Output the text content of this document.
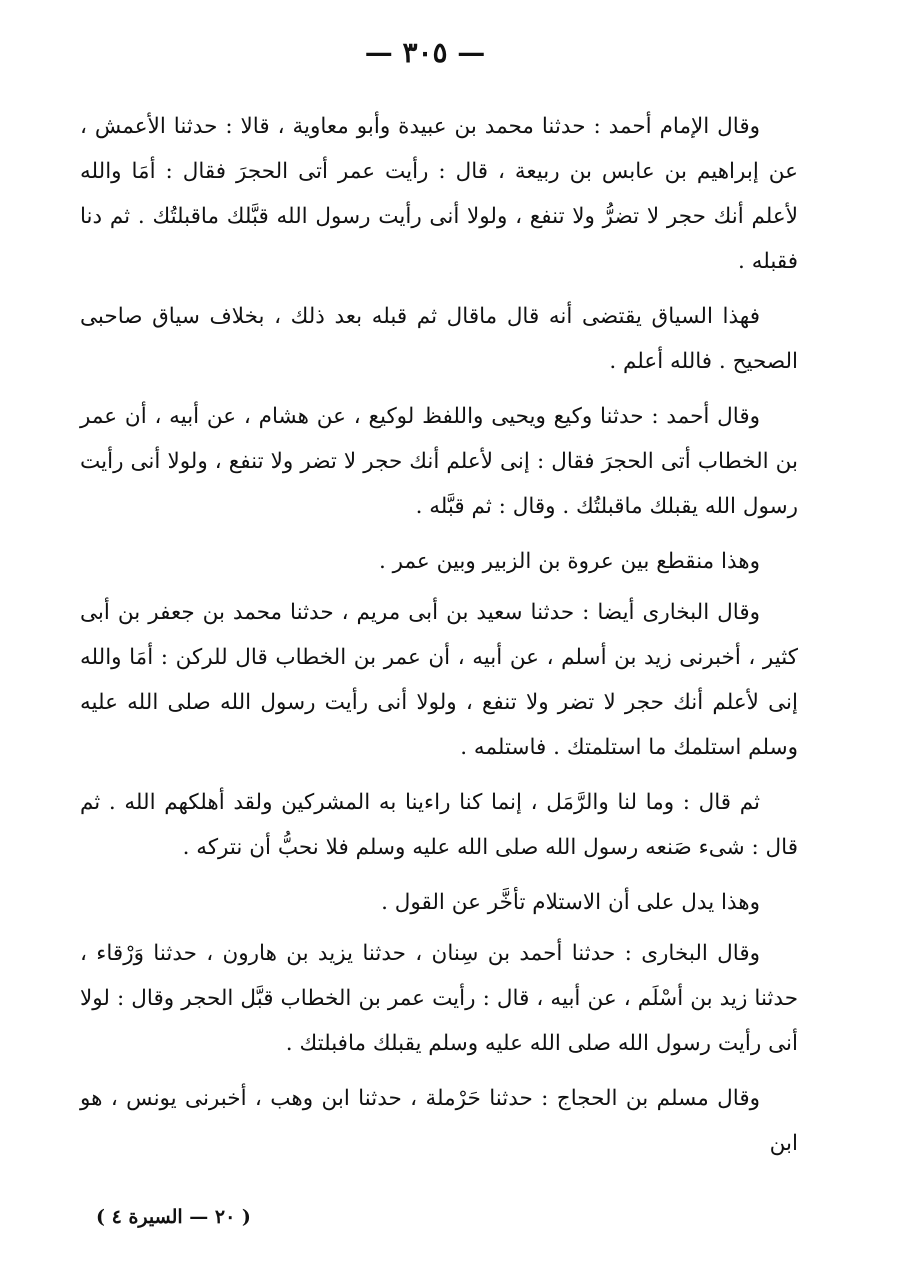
— ٣٠٥ —

وقال الإمام أحمد : حدثنا محمد بن عبيدة وأبو معاوية ، قالا : حدثنا الأعمش ، عن إبراهيم بن عابس بن ربيعة ، قال : رأيت عمر أتى الحجرَ فقال : أمَا والله لأعلم أنك حجر لا تضرُّ ولا تنفع ، ولولا أنى رأيت رسول الله قبَّلك ماقبلتُك . ثم دنا فقبله .

فهذا السياق يقتضى أنه قال ماقال ثم قبله بعد ذلك ، بخلاف سياق صاحبى الصحيح . فالله أعلم .

وقال أحمد : حدثنا وكيع ويحيى واللفظ لوكيع ، عن هشام ، عن أبيه ، أن عمر بن الخطاب أتى الحجرَ فقال : إنى لأعلم أنك حجر لا تضر ولا تنفع ، ولولا أنى رأيت رسول الله يقبلك ماقبلتُك . وقال : ثم قبَّله .

وهذا منقطع بين عروة بن الزبير وبين عمر .

وقال البخارى أيضا : حدثنا سعيد بن أبى مريم ، حدثنا محمد بن جعفر بن أبى كثير ، أخبرنى زيد بن أسلم ، عن أبيه ، أن عمر بن الخطاب قال للركن : أمَا والله إنى لأعلم أنك حجر لا تضر ولا تنفع ، ولولا أنى رأيت رسول الله صلى الله عليه وسلم استلمك ما استلمتك . فاستلمه .

ثم قال : وما لنا والرَّمَل ، إنما كنا راءينا به المشركين ولقد أهلكهم الله . ثم قال : شىء صَنعه رسول الله صلى الله عليه وسلم فلا نحبُّ أن نتركه .

وهذا يدل على أن الاستلام تأخَّر عن القول .

وقال البخارى : حدثنا أحمد بن سِنان ، حدثنا يزيد بن هارون ، حدثنا وَرْقاء ، حدثنا زيد بن أسْلَم ، عن أبيه ، قال : رأيت عمر بن الخطاب قبَّل الحجر وقال : لولا أنى رأيت رسول الله صلى الله عليه وسلم يقبلك مافبلتك .

وقال مسلم بن الحجاج : حدثنا حَرْملة ، حدثنا ابن وهب ، أخبرنى يونس ، هو ابن

( ٢٠ — السيرة ٤ )
